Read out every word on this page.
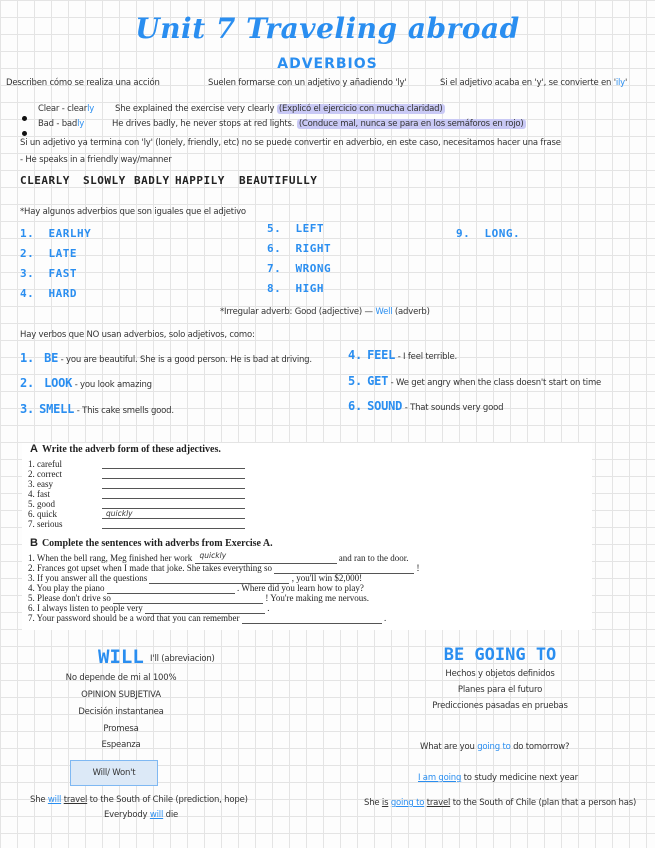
Unit 7 Traveling abroad
ADVERBIOS
Describen cómo se realiza una acción	Suelen formarse con un adjetivo y añadiendo 'ly'	Si el adjetivo acaba en 'y', se convierte en 'ily'
Clear - clearly She explained the exercise very clearly (Explicó el ejercicio con mucha claridad)
Bad - badly	He drives badly, he never stops at red lights. (Conduce mal, nunca se para en los semáforos en rojo)
Si un adjetivo ya termina con 'ly' (lonely, friendly, etc) no se puede convertir en adverbio, en este caso, necesitamos hacer una frase
- He speaks in a friendly way/manner
CLEARLY SLOWLY BADLY HAPPILY BEAUTIFULLY
*Hay algunos adverbios que son iguales que el adjetivo
1. EARLHY
2. LATE
3. FAST
4. HARD
5. LEFT
6. RIGHT
7. WRONG
8. HIGH
9. LONG.
*Irregular adverb: Good (adjective) — Well (adverb)
Hay verbos que NO usan adverbios, solo adjetivos, como:
1. BE - you are beautiful. She is a good person. He is bad at driving.
2. LOOK - you look amazing
3. SMELL - This cake smells good.
4. FEEL - I feel terrible.
5. GET - We get angry when the class doesn't start on time
6. SOUND - That sounds very good
A Write the adverb form of these adjectives.
1. careful
2. correct
3. easy
4. fast
5. good
6. quick	quickly
7. serious
B Complete the sentences with adverbs from Exercise A.
1. When the bell rang, Meg finished her work quickly	and ran to the door.
2. Frances got upset when I made that joke. She takes everything so	!
3. If you answer all the questions	, you'll win $2,000!
4. You play the piano	. Where did you learn how to play?
5. Please don't drive so	! You're making me nervous.
6. I always listen to people very	.
7. Your password should be a word that you can remember	.
WILL I'll (abreviacion)
No depende de mi al 100%
OPINION SUBJETIVA
Decisión instantanea
Promesa
Espeanza
Will/ Won't
She will travel to the South of Chile (prediction, hope)
Everybody will die
BE GOING TO
Hechos y objetos definidos
Planes para el futuro
Predicciones pasadas en pruebas
What are you going to do tomorrow?
I am going to study medicine next year
She is going to travel to the South of Chile (plan that a person has)
